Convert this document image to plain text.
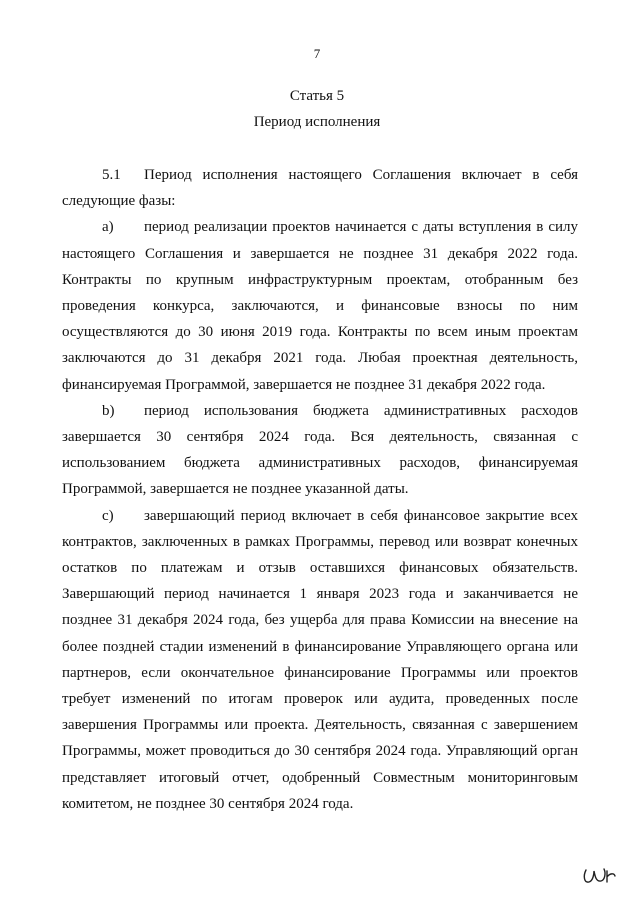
7
Статья 5
Период исполнения

5.1 Период исполнения настоящего Соглашения включает в себя следующие фазы:

a) период реализации проектов начинается с даты вступления в силу настоящего Соглашения и завершается не позднее 31 декабря 2022 года. Контракты по крупным инфраструктурным проектам, отобранным без проведения конкурса, заключаются, и финансовые взносы по ним осуществляются до 30 июня 2019 года. Контракты по всем иным проектам заключаются до 31 декабря 2021 года. Любая проектная деятельность, финансируемая Программой, завершается не позднее 31 декабря 2022 года.

b) период использования бюджета административных расходов завершается 30 сентября 2024 года. Вся деятельность, связанная с использованием бюджета административных расходов, финансируемая Программой, завершается не позднее указанной даты.

c) завершающий период включает в себя финансовое закрытие всех контрактов, заключенных в рамках Программы, перевод или возврат конечных остатков по платежам и отзыв оставшихся финансовых обязательств. Завершающий период начинается 1 января 2023 года и заканчивается не позднее 31 декабря 2024 года, без ущерба для права Комиссии на внесение на более поздней стадии изменений в финансирование Управляющего органа или партнеров, если окончательное финансирование Программы или проектов требует изменений по итогам проверок или аудита, проведенных после завершения Программы или проекта. Деятельность, связанная с завершением Программы, может проводиться до 30 сентября 2024 года. Управляющий орган представляет итоговый отчет, одобренный Совместным мониторинговым комитетом, не позднее 30 сентября 2024 года.
